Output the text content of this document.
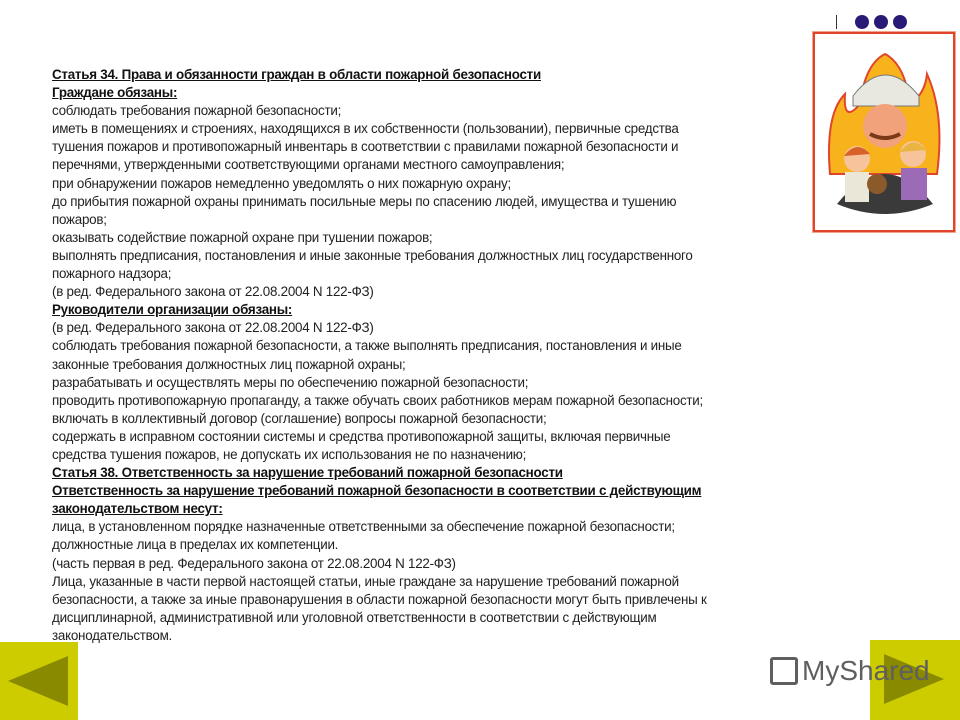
Статья 34. Права и обязанности граждан в области пожарной безопасности
Граждане обязаны:
соблюдать требования пожарной безопасности;
иметь в помещениях и строениях, находящихся в их собственности (пользовании), первичные средства
тушения пожаров и противопожарный инвентарь в соответствии с правилами пожарной безопасности и
перечнями, утвержденными соответствующими органами местного самоуправления;
при обнаружении пожаров немедленно уведомлять о них пожарную охрану;
до прибытия пожарной охраны принимать посильные меры по спасению людей, имущества и тушению
пожаров;
оказывать содействие пожарной охране при тушении пожаров;
выполнять предписания, постановления и иные законные требования должностных лиц государственного
пожарного надзора;
(в ред. Федерального закона от 22.08.2004 N 122-ФЗ)
Руководители организации обязаны:
(в ред. Федерального закона от 22.08.2004 N 122-ФЗ)
соблюдать требования пожарной безопасности, а также выполнять предписания, постановления и иные
законные требования должностных лиц пожарной охраны;
разрабатывать и осуществлять меры по обеспечению пожарной безопасности;
проводить противопожарную пропаганду, а также обучать своих работников мерам пожарной безопасности;
включать в коллективный договор (соглашение) вопросы пожарной безопасности;
содержать в исправном состоянии системы и средства противопожарной защиты, включая первичные
средства тушения пожаров, не допускать их использования не по назначению;
Статья 38. Ответственность за нарушение требований пожарной безопасности
Ответственность за нарушение требований пожарной безопасности в соответствии с действующим
законодательством несут:
лица, в установленном порядке назначенные ответственными за обеспечение пожарной безопасности;
должностные лица в пределах их компетенции.
(часть первая в ред. Федерального закона от 22.08.2004 N 122-ФЗ)
Лица, указанные в части первой настоящей статьи, иные граждане за нарушение требований пожарной
безопасности, а также за иные правонарушения в области пожарной безопасности могут быть привлечены к
дисциплинарной, административной или уголовной ответственности в соответствии с действующим
законодательством.
MyShared
